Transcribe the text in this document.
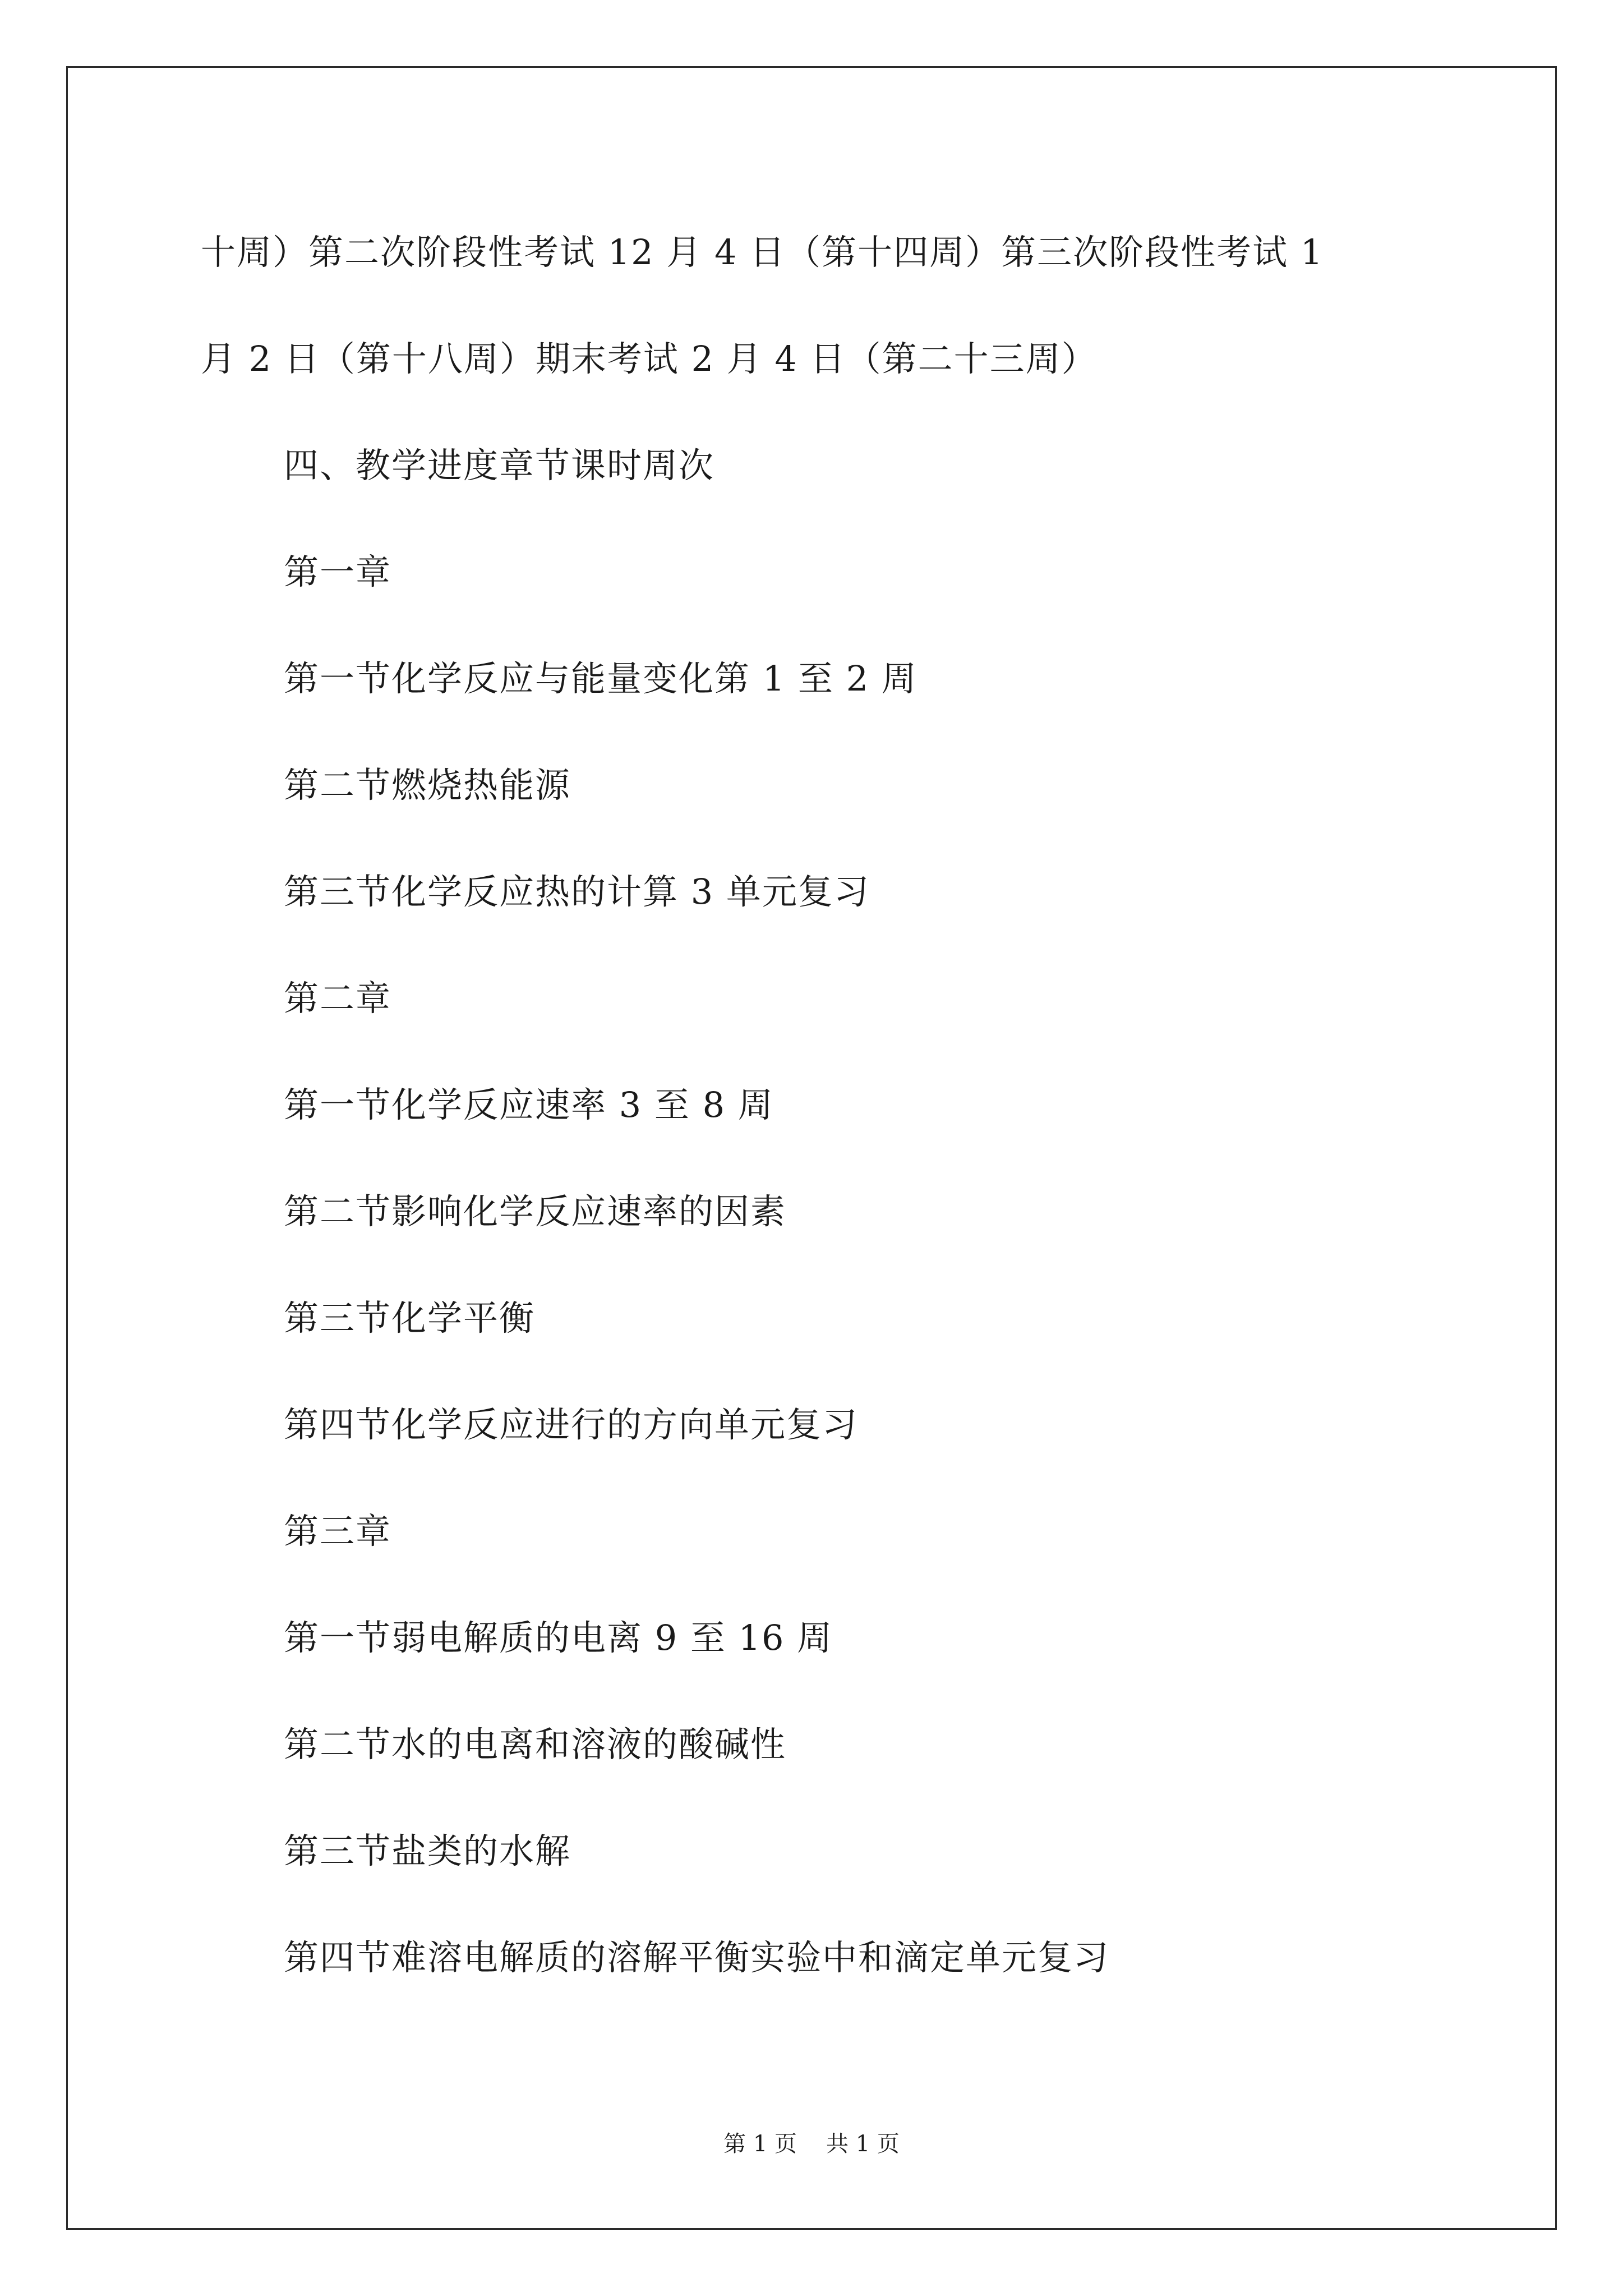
十周）第二次阶段性考试 12 月 4 日（第十四周）第三次阶段性考试 1
月 2 日（第十八周）期末考试 2 月 4 日（第二十三周）
四、教学进度章节课时周次
第一章
第一节化学反应与能量变化第 1 至 2 周
第二节燃烧热能源
第三节化学反应热的计算 3 单元复习
第二章
第一节化学反应速率 3 至 8 周
第二节影响化学反应速率的因素
第三节化学平衡
第四节化学反应进行的方向单元复习
第三章
第一节弱电解质的电离 9 至 16 周
第二节水的电离和溶液的酸碱性
第三节盐类的水解
第四节难溶电解质的溶解平衡实验中和滴定单元复习
第 1 页 共 1 页
